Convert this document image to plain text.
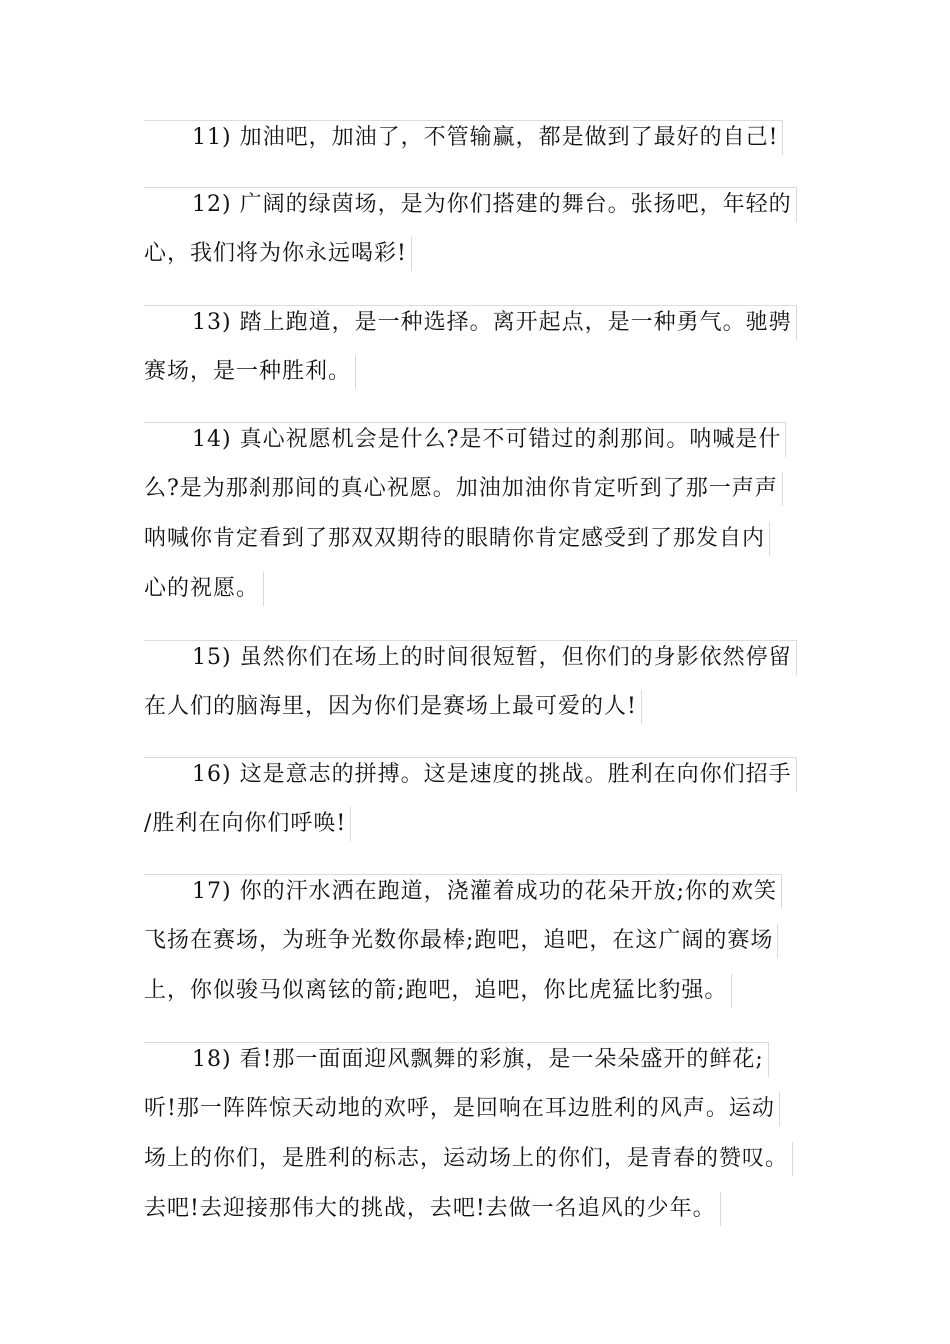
11) 加油吧，加油了，不管输赢，都是做到了最好的自己!
12) 广阔的绿茵场，是为你们搭建的舞台。张扬吧，年轻的
心，我们将为你永远喝彩!
13) 踏上跑道，是一种选择。离开起点，是一种勇气。驰骋
赛场，是一种胜利。
14) 真心祝愿机会是什么?是不可错过的刹那间。呐喊是什
么?是为那刹那间的真心祝愿。加油加油你肯定听到了那一声声
呐喊你肯定看到了那双双期待的眼睛你肯定感受到了那发自内
心的祝愿。
15) 虽然你们在场上的时间很短暂，但你们的身影依然停留
在人们的脑海里，因为你们是赛场上最可爱的人!
16) 这是意志的拼搏。这是速度的挑战。胜利在向你们招手
/胜利在向你们呼唤!
17) 你的汗水洒在跑道，浇灌着成功的花朵开放;你的欢笑
飞扬在赛场，为班争光数你最棒;跑吧，追吧，在这广阔的赛场
上，你似骏马似离铉的箭;跑吧，追吧，你比虎猛比豹强。
18) 看!那一面面迎风飘舞的彩旗，是一朵朵盛开的鲜花;
听!那一阵阵惊天动地的欢呼，是回响在耳边胜利的风声。运动
场上的你们，是胜利的标志，运动场上的你们，是青春的赞叹。
去吧!去迎接那伟大的挑战，去吧!去做一名追风的少年。
